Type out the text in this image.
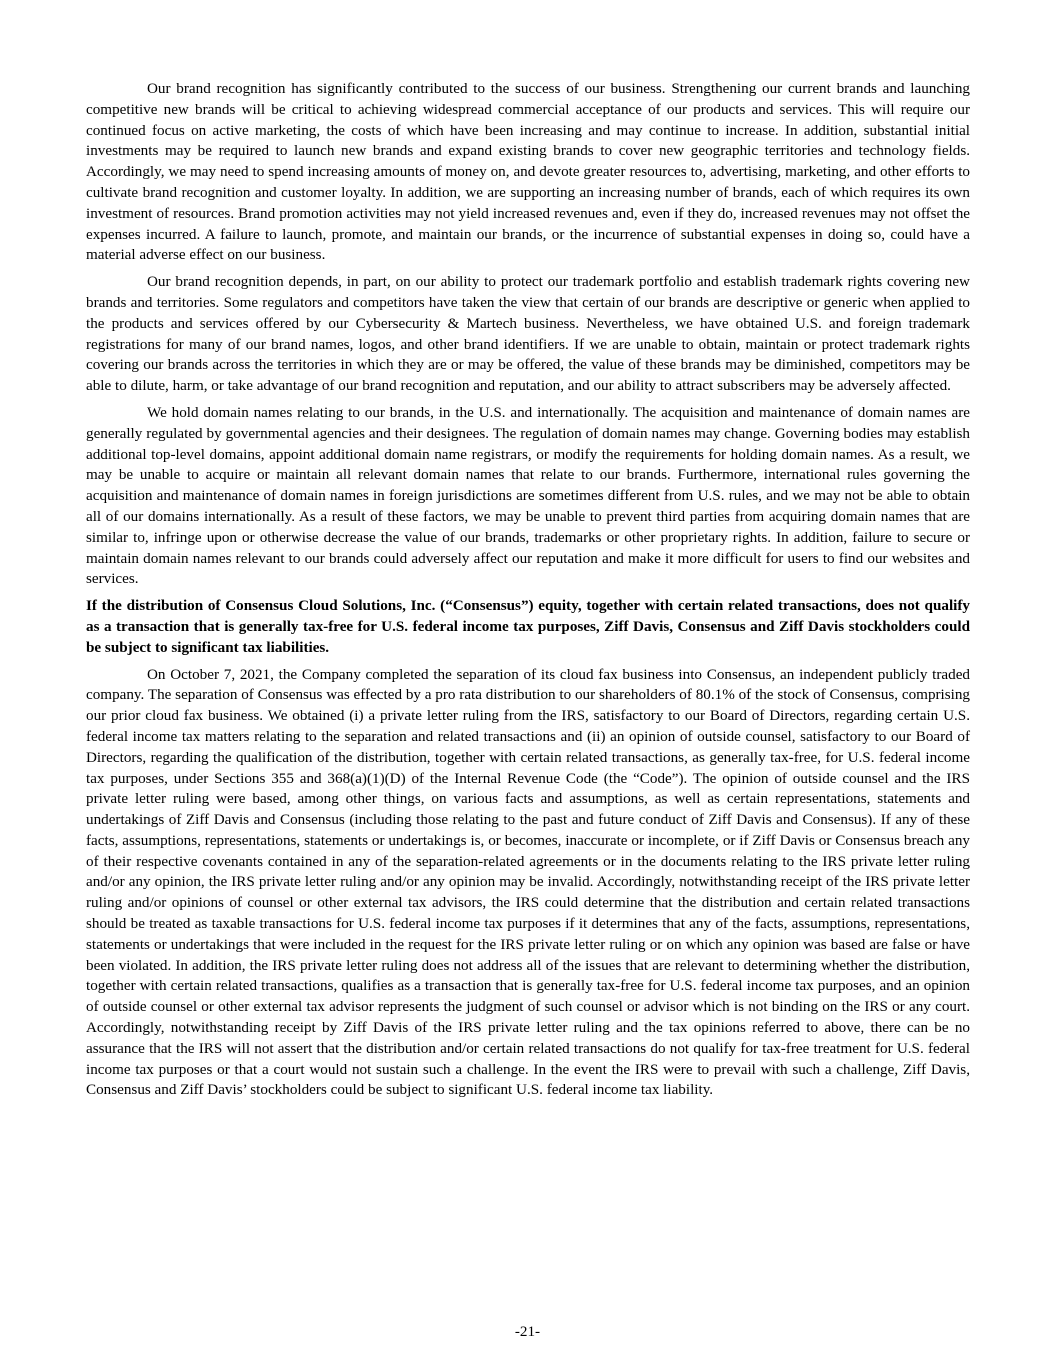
Our brand recognition has significantly contributed to the success of our business. Strengthening our current brands and launching competitive new brands will be critical to achieving widespread commercial acceptance of our products and services. This will require our continued focus on active marketing, the costs of which have been increasing and may continue to increase. In addition, substantial initial investments may be required to launch new brands and expand existing brands to cover new geographic territories and technology fields. Accordingly, we may need to spend increasing amounts of money on, and devote greater resources to, advertising, marketing, and other efforts to cultivate brand recognition and customer loyalty. In addition, we are supporting an increasing number of brands, each of which requires its own investment of resources. Brand promotion activities may not yield increased revenues and, even if they do, increased revenues may not offset the expenses incurred. A failure to launch, promote, and maintain our brands, or the incurrence of substantial expenses in doing so, could have a material adverse effect on our business.

Our brand recognition depends, in part, on our ability to protect our trademark portfolio and establish trademark rights covering new brands and territories. Some regulators and competitors have taken the view that certain of our brands are descriptive or generic when applied to the products and services offered by our Cybersecurity & Martech business. Nevertheless, we have obtained U.S. and foreign trademark registrations for many of our brand names, logos, and other brand identifiers. If we are unable to obtain, maintain or protect trademark rights covering our brands across the territories in which they are or may be offered, the value of these brands may be diminished, competitors may be able to dilute, harm, or take advantage of our brand recognition and reputation, and our ability to attract subscribers may be adversely affected.

We hold domain names relating to our brands, in the U.S. and internationally. The acquisition and maintenance of domain names are generally regulated by governmental agencies and their designees. The regulation of domain names may change. Governing bodies may establish additional top-level domains, appoint additional domain name registrars, or modify the requirements for holding domain names. As a result, we may be unable to acquire or maintain all relevant domain names that relate to our brands. Furthermore, international rules governing the acquisition and maintenance of domain names in foreign jurisdictions are sometimes different from U.S. rules, and we may not be able to obtain all of our domains internationally. As a result of these factors, we may be unable to prevent third parties from acquiring domain names that are similar to, infringe upon or otherwise decrease the value of our brands, trademarks or other proprietary rights. In addition, failure to secure or maintain domain names relevant to our brands could adversely affect our reputation and make it more difficult for users to find our websites and services.

If the distribution of Consensus Cloud Solutions, Inc. (“Consensus”) equity, together with certain related transactions, does not qualify as a transaction that is generally tax-free for U.S. federal income tax purposes, Ziff Davis, Consensus and Ziff Davis stockholders could be subject to significant tax liabilities.

On October 7, 2021, the Company completed the separation of its cloud fax business into Consensus, an independent publicly traded company. The separation of Consensus was effected by a pro rata distribution to our shareholders of 80.1% of the stock of Consensus, comprising our prior cloud fax business. We obtained (i) a private letter ruling from the IRS, satisfactory to our Board of Directors, regarding certain U.S. federal income tax matters relating to the separation and related transactions and (ii) an opinion of outside counsel, satisfactory to our Board of Directors, regarding the qualification of the distribution, together with certain related transactions, as generally tax-free, for U.S. federal income tax purposes, under Sections 355 and 368(a)(1)(D) of the Internal Revenue Code (the “Code”). The opinion of outside counsel and the IRS private letter ruling were based, among other things, on various facts and assumptions, as well as certain representations, statements and undertakings of Ziff Davis and Consensus (including those relating to the past and future conduct of Ziff Davis and Consensus). If any of these facts, assumptions, representations, statements or undertakings is, or becomes, inaccurate or incomplete, or if Ziff Davis or Consensus breach any of their respective covenants contained in any of the separation-related agreements or in the documents relating to the IRS private letter ruling and/or any opinion, the IRS private letter ruling and/or any opinion may be invalid. Accordingly, notwithstanding receipt of the IRS private letter ruling and/or opinions of counsel or other external tax advisors, the IRS could determine that the distribution and certain related transactions should be treated as taxable transactions for U.S. federal income tax purposes if it determines that any of the facts, assumptions, representations, statements or undertakings that were included in the request for the IRS private letter ruling or on which any opinion was based are false or have been violated. In addition, the IRS private letter ruling does not address all of the issues that are relevant to determining whether the distribution, together with certain related transactions, qualifies as a transaction that is generally tax-free for U.S. federal income tax purposes, and an opinion of outside counsel or other external tax advisor represents the judgment of such counsel or advisor which is not binding on the IRS or any court. Accordingly, notwithstanding receipt by Ziff Davis of the IRS private letter ruling and the tax opinions referred to above, there can be no assurance that the IRS will not assert that the distribution and/or certain related transactions do not qualify for tax-free treatment for U.S. federal income tax purposes or that a court would not sustain such a challenge. In the event the IRS were to prevail with such a challenge, Ziff Davis, Consensus and Ziff Davis’ stockholders could be subject to significant U.S. federal income tax liability.

-21-
